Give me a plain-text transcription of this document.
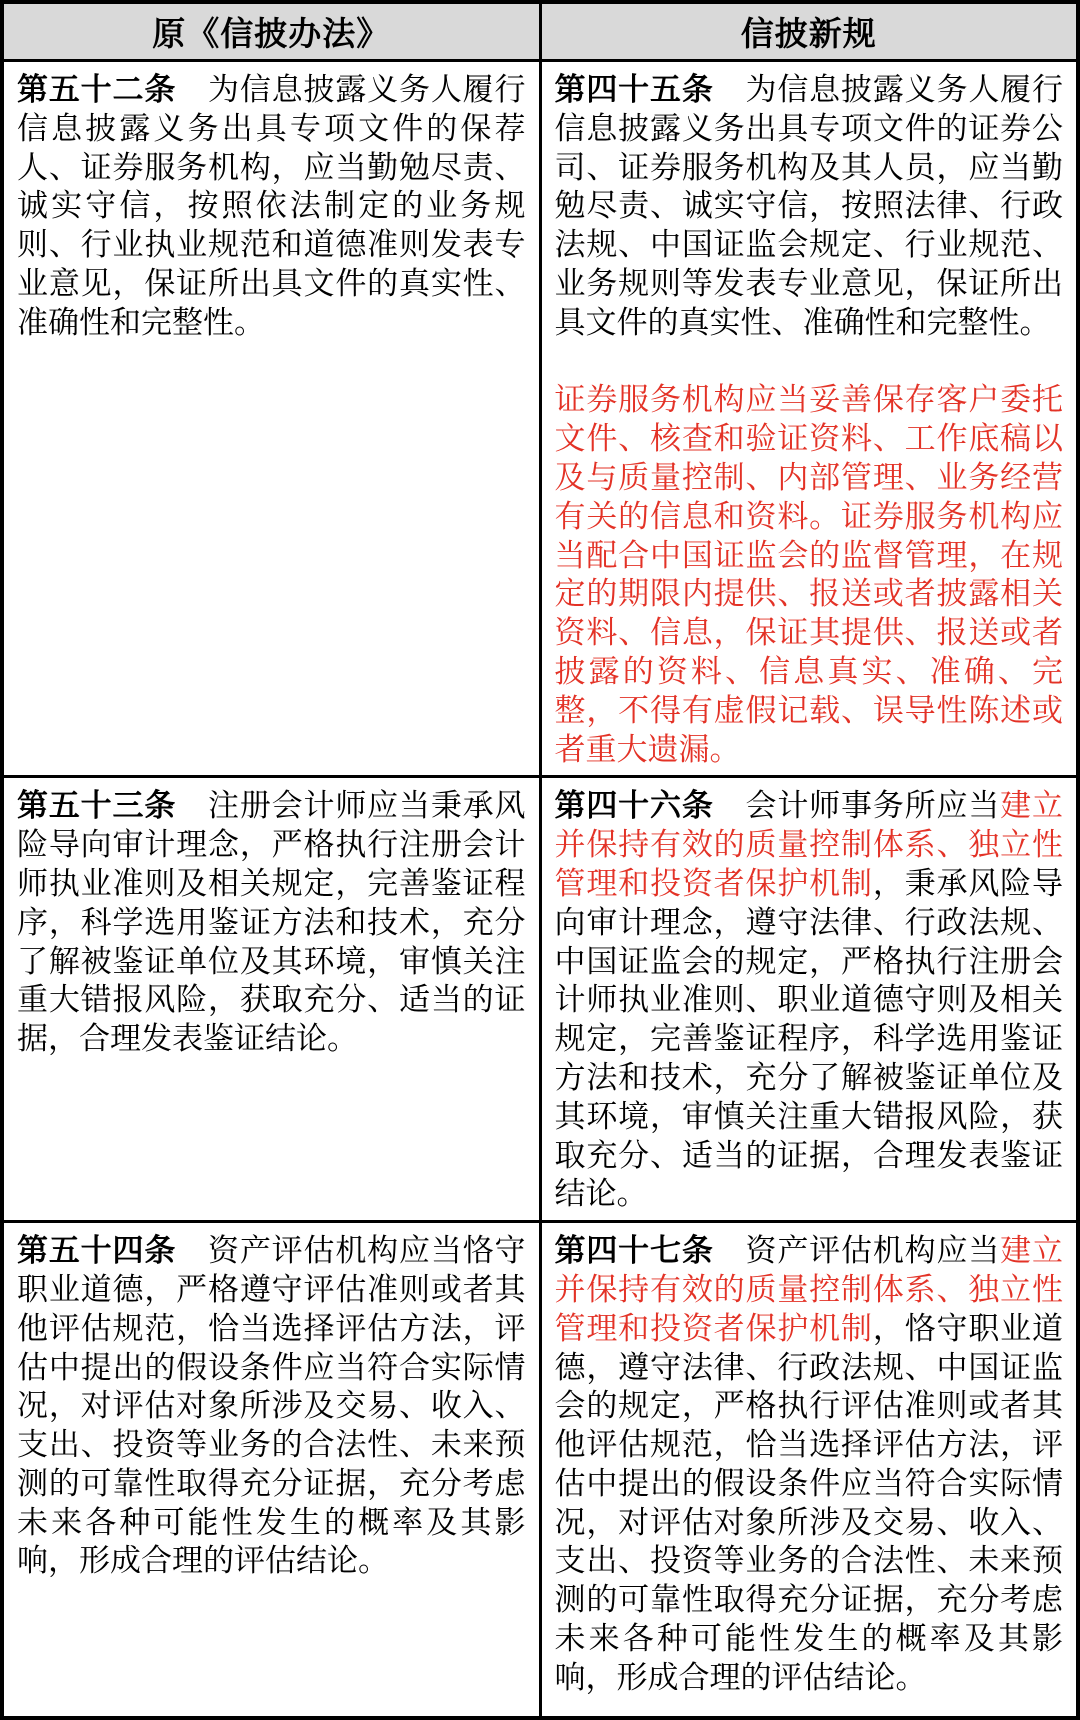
原《信披办法》	信披新规

第五十二条　为信息披露义务人履行信息披露义务出具专项文件的保荐人、证券服务机构，应当勤勉尽责、诚实守信，按照依法制定的业务规则、行业执业规范和道德准则发表专业意见，保证所出具文件的真实性、准确性和完整性。	第四十五条　为信息披露义务人履行信息披露义务出具专项文件的证券公司、证券服务机构及其人员，应当勤勉尽责、诚实守信，按照法律、行政法规、中国证监会规定、行业规范、业务规则等发表专业意见，保证所出具文件的真实性、准确性和完整性。

证券服务机构应当妥善保存客户委托文件、核查和验证资料、工作底稿以及与质量控制、内部管理、业务经营有关的信息和资料。证券服务机构应当配合中国证监会的监督管理，在规定的期限内提供、报送或者披露相关资料、信息，保证其提供、报送或者披露的资料、信息真实、准确、完整，不得有虚假记载、误导性陈述或者重大遗漏。

第五十三条　注册会计师应当秉承风险导向审计理念，严格执行注册会计师执业准则及相关规定，完善鉴证程序，科学选用鉴证方法和技术，充分了解被鉴证单位及其环境，审慎关注重大错报风险，获取充分、适当的证据，合理发表鉴证结论。	第四十六条　会计师事务所应当建立并保持有效的质量控制体系、独立性管理和投资者保护机制，秉承风险导向审计理念，遵守法律、行政法规、中国证监会的规定，严格执行注册会计师执业准则、职业道德守则及相关规定，完善鉴证程序，科学选用鉴证方法和技术，充分了解被鉴证单位及其环境，审慎关注重大错报风险，获取充分、适当的证据，合理发表鉴证结论。

第五十四条　资产评估机构应当恪守职业道德，严格遵守评估准则或者其他评估规范，恰当选择评估方法，评估中提出的假设条件应当符合实际情况，对评估对象所涉及交易、收入、支出、投资等业务的合法性、未来预测的可靠性取得充分证据，充分考虑未来各种可能性发生的概率及其影响，形成合理的评估结论。	第四十七条　资产评估机构应当建立并保持有效的质量控制体系、独立性管理和投资者保护机制，恪守职业道德，遵守法律、行政法规、中国证监会的规定，严格执行评估准则或者其他评估规范，恰当选择评估方法，评估中提出的假设条件应当符合实际情况，对评估对象所涉及交易、收入、支出、投资等业务的合法性、未来预测的可靠性取得充分证据，充分考虑未来各种可能性发生的概率及其影响，形成合理的评估结论。
